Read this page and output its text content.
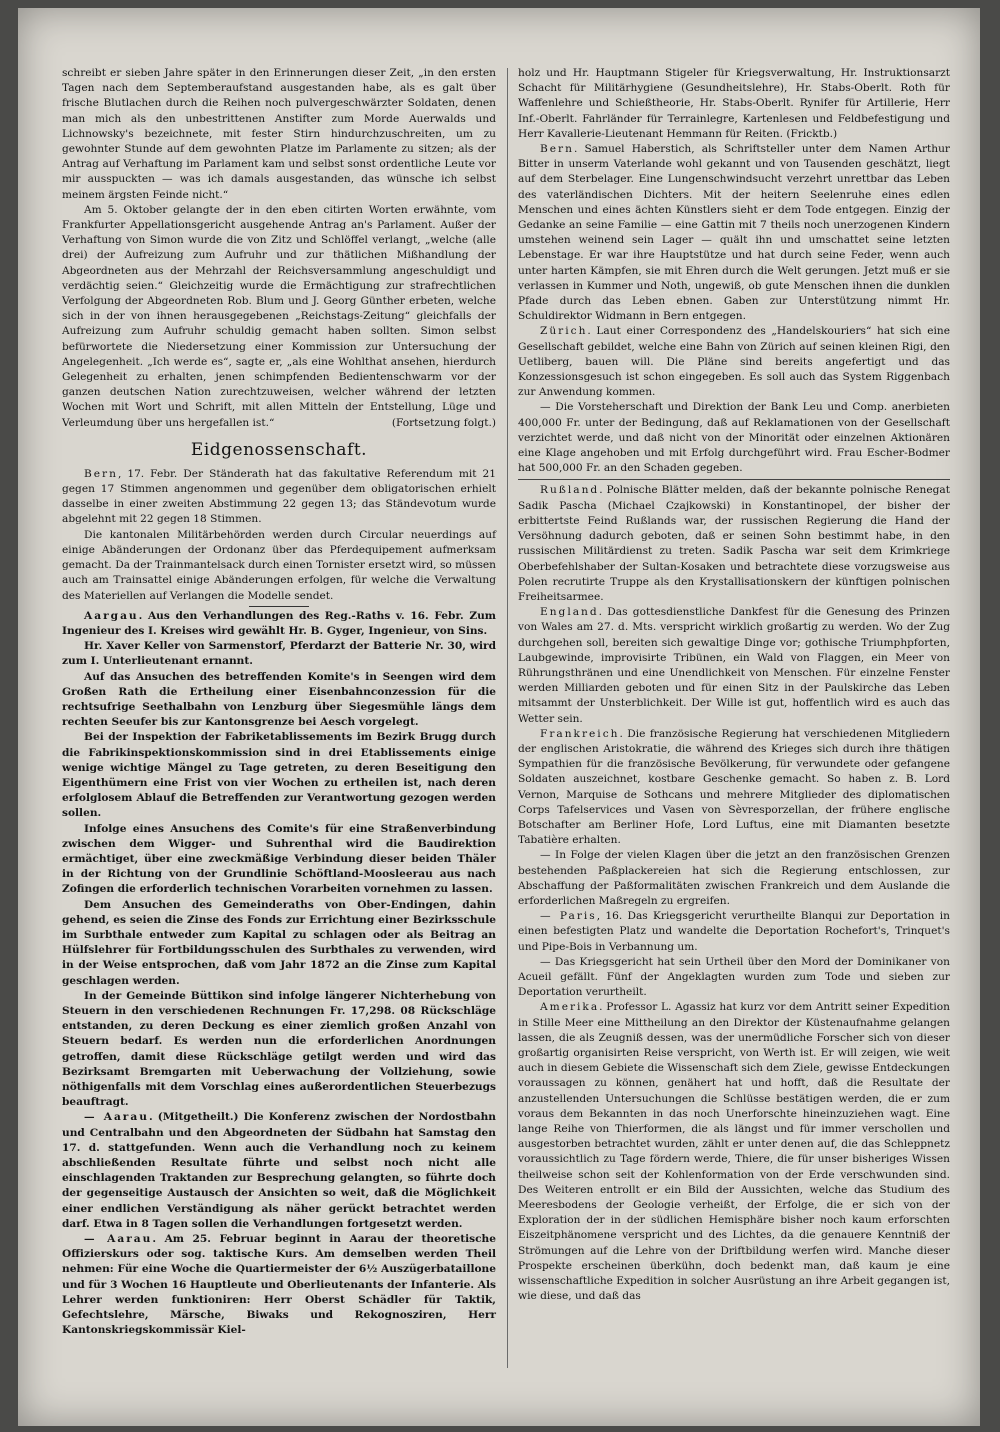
schreibt er sieben Jahre später in den Erinnerungen dieser Zeit, „in den ersten Tagen nach dem Septemberaufstand ausgestanden habe, als es galt über frische Blutlachen durch die Reihen noch pulvergeschwärzter Soldaten, denen man mich als den unbestrittenen Anstifter zum Morde Auerwalds und Lichnowsky's bezeichnete, mit fester Stirn hindurchzuschreiten, um zu gewohnter Stunde auf dem gewohnten Platze im Parlamente zu sitzen; als der Antrag auf Verhaftung im Parlament kam und selbst sonst ordentliche Leute vor mir ausspuckten — was ich damals ausgestanden, das wünsche ich selbst meinem ärgsten Feinde nicht.“

Am 5. Oktober gelangte der in den eben citirten Worten erwähnte, vom Frankfurter Appellationsgericht ausgehende Antrag an's Parlament. Außer der Verhaftung von Simon wurde die von Zitz und Schlöffel verlangt, „welche (alle drei) der Aufreizung zum Aufruhr und zur thätlichen Mißhandlung der Abgeordneten aus der Mehrzahl der Reichsversammlung angeschuldigt und verdächtig seien.“ Gleichzeitig wurde die Ermächtigung zur strafrechtlichen Verfolgung der Abgeordneten Rob. Blum und J. Georg Günther erbeten, welche sich in der von ihnen herausgegebenen „Reichstags-Zeitung“ gleichfalls der Aufreizung zum Aufruhr schuldig gemacht haben sollten. Simon selbst befürwortete die Niedersetzung einer Kommission zur Untersuchung der Angelegenheit. „Ich werde es“, sagte er, „als eine Wohlthat ansehen, hierdurch Gelegenheit zu erhalten, jenen schimpfenden Bedientenschwarm vor der ganzen deutschen Nation zurechtzuweisen, welcher während der letzten Wochen mit Wort und Schrift, mit allen Mitteln der Entstellung, Lüge und Verleumdung über uns hergefallen ist.“	(Fortsetzung folgt.)

Eidgenossenschaft.

Bern, 17. Febr. Der Ständerath hat das fakultative Referendum mit 21 gegen 17 Stimmen angenommen und gegenüber dem obligatorischen erhielt dasselbe in einer zweiten Abstimmung 22 gegen 13; das Ständevotum wurde abgelehnt mit 22 gegen 18 Stimmen.

Die kantonalen Militärbehörden werden durch Circular neuerdings auf einige Abänderungen der Ordonanz über das Pferdequipement aufmerksam gemacht. Da der Trainmantelsack durch einen Tornister ersetzt wird, so müssen auch am Trainsattel einige Abänderungen erfolgen, für welche die Verwaltung des Materiellen auf Verlangen die Modelle sendet.

Aargau. Aus den Verhandlungen des Reg.-Raths v. 16. Febr. Zum Ingenieur des I. Kreises wird gewählt Hr. B. Gyger, Ingenieur, von Sins.

Hr. Xaver Keller von Sarmenstorf, Pferdarzt der Batterie Nr. 30, wird zum I. Unterlieutenant ernannt.

Auf das Ansuchen des betreffenden Komite's in Seengen wird dem Großen Rath die Ertheilung einer Eisenbahnconzession für die rechtsufrige Seethalbahn von Lenzburg über Siegesmühle längs dem rechten Seeufer bis zur Kantonsgrenze bei Aesch vorgelegt.

Bei der Inspektion der Fabriketablissements im Bezirk Brugg durch die Fabrikinspektionskommission sind in drei Etablissements einige wenige wichtige Mängel zu Tage getreten, zu deren Beseitigung den Eigenthümern eine Frist von vier Wochen zu ertheilen ist, nach deren erfolglosem Ablauf die Betreffenden zur Verantwortung gezogen werden sollen.

Infolge eines Ansuchens des Comite's für eine Straßenverbindung zwischen dem Wigger- und Suhrenthal wird die Baudirektion ermächtiget, über eine zweckmäßige Verbindung dieser beiden Thäler in der Richtung von der Grundlinie Schöftland-Moosleerau aus nach Zofingen die erforderlich technischen Vorarbeiten vornehmen zu lassen.

Dem Ansuchen des Gemeinderaths von Ober-Endingen, dahin gehend, es seien die Zinse des Fonds zur Errichtung einer Bezirksschule im Surbthale entweder zum Kapital zu schlagen oder als Beitrag an Hülfslehrer für Fortbildungsschulen des Surbthales zu verwenden, wird in der Weise entsprochen, daß vom Jahr 1872 an die Zinse zum Kapital geschlagen werden.

In der Gemeinde Büttikon sind infolge längerer Nichterhebung von Steuern in den verschiedenen Rechnungen Fr. 17,298. 08 Rückschläge entstanden, zu deren Deckung es einer ziemlich großen Anzahl von Steuern bedarf. Es werden nun die erforderlichen Anordnungen getroffen, damit diese Rückschläge getilgt werden und wird das Bezirksamt Bremgarten mit Ueberwachung der Vollziehung, sowie nöthigenfalls mit dem Vorschlag eines außerordentlichen Steuerbezugs beauftragt.

— Aarau. (Mitgetheilt.) Die Konferenz zwischen der Nordostbahn und Centralbahn und den Abgeordneten der Südbahn hat Samstag den 17. d. stattgefunden. Wenn auch die Verhandlung noch zu keinem abschließenden Resultate führte und selbst noch nicht alle einschlagenden Traktanden zur Besprechung gelangten, so führte doch der gegenseitige Austausch der Ansichten so weit, daß die Möglichkeit einer endlichen Verständigung als näher gerückt betrachtet werden darf. Etwa in 8 Tagen sollen die Verhandlungen fortgesetzt werden.

— Aarau. Am 25. Februar beginnt in Aarau der theoretische Offizierskurs oder sog. taktische Kurs. Am demselben werden Theil nehmen: Für eine Woche die Quartiermeister der 6½ Auszügerbataillone und für 3 Wochen 16 Hauptleute und Oberlieutenants der Infanterie. Als Lehrer werden funktioniren: Herr Oberst Schädler für Taktik, Gefechtslehre, Märsche, Biwaks und Rekognosziren, Herr Kantonskriegskommissär Kiel-

holz und Hr. Hauptmann Stigeler für Kriegsverwaltung, Hr. Instruktionsarzt Schacht für Militärhygiene (Gesundheitslehre), Hr. Stabs-Oberlt. Roth für Waffenlehre und Schießtheorie, Hr. Stabs-Oberlt. Rynifer für Artillerie, Herr Inf.-Oberlt. Fahrländer für Terrainlegre, Kartenlesen und Feldbefestigung und Herr Kavallerie-Lieutenant Hemmann für Reiten. (Fricktb.)

Bern. Samuel Haberstich, als Schriftsteller unter dem Namen Arthur Bitter in unserm Vaterlande wohl gekannt und von Tausenden geschätzt, liegt auf dem Sterbelager. Eine Lungenschwindsucht verzehrt unrettbar das Leben des vaterländischen Dichters. Mit der heitern Seelenruhe eines edlen Menschen und eines ächten Künstlers sieht er dem Tode entgegen. Einzig der Gedanke an seine Familie — eine Gattin mit 7 theils noch unerzogenen Kindern umstehen weinend sein Lager — quält ihn und umschattet seine letzten Lebenstage. Er war ihre Hauptstütze und hat durch seine Feder, wenn auch unter harten Kämpfen, sie mit Ehren durch die Welt gerungen. Jetzt muß er sie verlassen in Kummer und Noth, ungewiß, ob gute Menschen ihnen die dunklen Pfade durch das Leben ebnen. Gaben zur Unterstützung nimmt Hr. Schuldirektor Widmann in Bern entgegen.

Zürich. Laut einer Correspondenz des „Handelskouriers“ hat sich eine Gesellschaft gebildet, welche eine Bahn von Zürich auf seinen kleinen Rigi, den Uetliberg, bauen will. Die Pläne sind bereits angefertigt und das Konzessionsgesuch ist schon eingegeben. Es soll auch das System Riggenbach zur Anwendung kommen.

— Die Vorsteherschaft und Direktion der Bank Leu und Comp. anerbieten 400,000 Fr. unter der Bedingung, daß auf Reklamationen von der Gesellschaft verzichtet werde, und daß nicht von der Minorität oder einzelnen Aktionären eine Klage angehoben und mit Erfolg durchgeführt wird. Frau Escher-Bodmer hat 500,000 Fr. an den Schaden gegeben.

Rußland. Polnische Blätter melden, daß der bekannte polnische Renegat Sadik Pascha (Michael Czajkowski) in Konstantinopel, der bisher der erbittertste Feind Rußlands war, der russischen Regierung die Hand der Versöhnung dadurch geboten, daß er seinen Sohn bestimmt habe, in den russischen Militärdienst zu treten. Sadik Pascha war seit dem Krimkriege Oberbefehlshaber der Sultan-Kosaken und betrachtete diese vorzugsweise aus Polen recrutirte Truppe als den Krystallisationskern der künftigen polnischen Freiheitsarmee.

England. Das gottesdienstliche Dankfest für die Genesung des Prinzen von Wales am 27. d. Mts. verspricht wirklich großartig zu werden. Wo der Zug durchgehen soll, bereiten sich gewaltige Dinge vor; gothische Triumphpforten, Laubgewinde, improvisirte Tribünen, ein Wald von Flaggen, ein Meer von Rührungsthränen und eine Unendlichkeit von Menschen. Für einzelne Fenster werden Milliarden geboten und für einen Sitz in der Paulskirche das Leben mitsammt der Unsterblichkeit. Der Wille ist gut, hoffentlich wird es auch das Wetter sein.

Frankreich. Die französische Regierung hat verschiedenen Mitgliedern der englischen Aristokratie, die während des Krieges sich durch ihre thätigen Sympathien für die französische Bevölkerung, für verwundete oder gefangene Soldaten auszeichnet, kostbare Geschenke gemacht. So haben z. B. Lord Vernon, Marquise de Sothcans und mehrere Mitglieder des diplomatischen Corps Tafelservices und Vasen von Sèvresporzellan, der frühere englische Botschafter am Berliner Hofe, Lord Luftus, eine mit Diamanten besetzte Tabatière erhalten.

— In Folge der vielen Klagen über die jetzt an den französischen Grenzen bestehenden Paßplackereien hat sich die Regierung entschlossen, zur Abschaffung der Paßformalitäten zwischen Frankreich und dem Auslande die erforderlichen Maßregeln zu ergreifen.

— Paris, 16. Das Kriegsgericht verurtheilte Blanqui zur Deportation in einen befestigten Platz und wandelte die Deportation Rochefort's, Trinquet's und Pipe-Bois in Verbannung um.

— Das Kriegsgericht hat sein Urtheil über den Mord der Dominikaner von Acueil gefällt. Fünf der Angeklagten wurden zum Tode und sieben zur Deportation verurtheilt.

Amerika. Professor L. Agassiz hat kurz vor dem Antritt seiner Expedition in Stille Meer eine Mittheilung an den Direktor der Küstenaufnahme gelangen lassen, die als Zeugniß dessen, was der unermüdliche Forscher sich von dieser großartig organisirten Reise verspricht, von Werth ist. Er will zeigen, wie weit auch in diesem Gebiete die Wissenschaft sich dem Ziele, gewisse Entdeckungen voraussagen zu können, genähert hat und hofft, daß die Resultate der anzustellenden Untersuchungen die Schlüsse bestätigen werden, die er zum voraus dem Bekannten in das noch Unerforschte hineinzuziehen wagt. Eine lange Reihe von Thierformen, die als längst und für immer verschollen und ausgestorben betrachtet wurden, zählt er unter denen auf, die das Schleppnetz voraussichtlich zu Tage fördern werde, Thiere, die für unser bisheriges Wissen theilweise schon seit der Kohlenformation von der Erde verschwunden sind. Des Weiteren entrollt er ein Bild der Aussichten, welche das Studium des Meeresbodens der Geologie verheißt, der Erfolge, die er sich von der Exploration der in der südlichen Hemisphäre bisher noch kaum erforschten Eiszeitphänomene verspricht und des Lichtes, da die genauere Kenntniß der Strömungen auf die Lehre von der Driftbildung werfen wird. Manche dieser Prospekte erscheinen überkühn, doch bedenkt man, daß kaum je eine wissenschaftliche Expedition in solcher Ausrüstung an ihre Arbeit gegangen ist, wie diese, und daß das
